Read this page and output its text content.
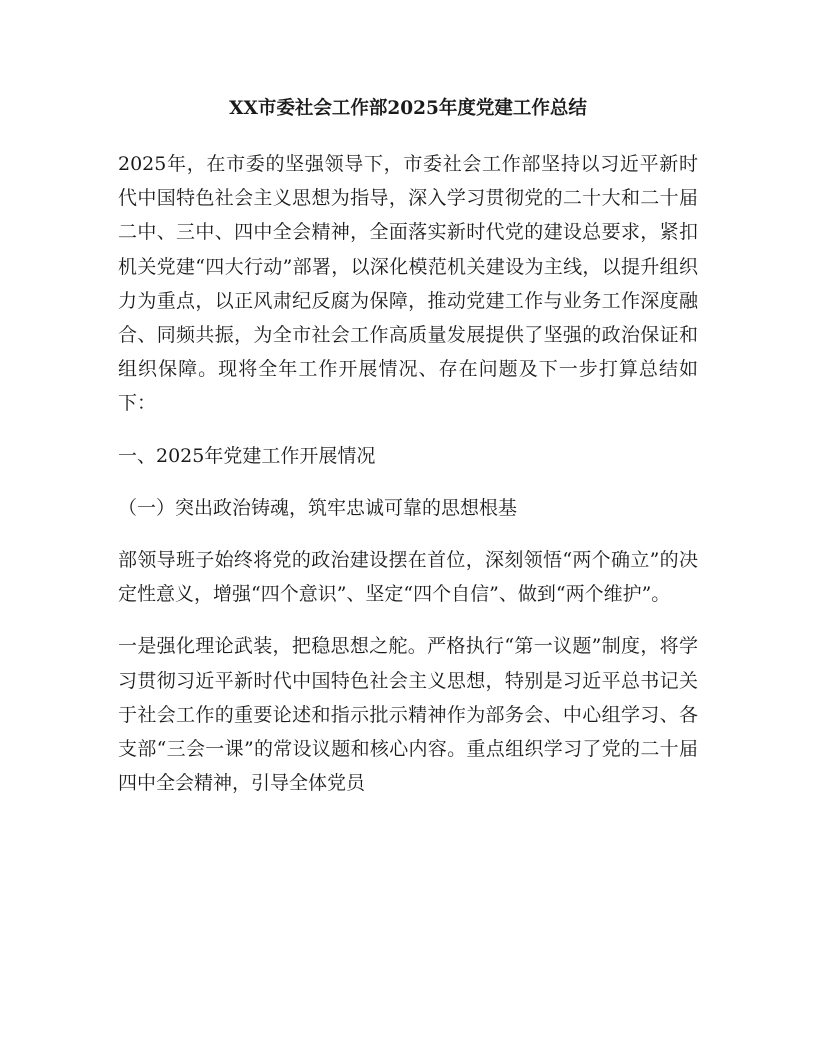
XX市委社会工作部2025年度党建工作总结

2025年，在市委的坚强领导下，市委社会工作部坚持以习近平新时代中国特色社会主义思想为指导，深入学习贯彻党的二十大和二十届二中、三中、四中全会精神，全面落实新时代党的建设总要求，紧扣机关党建“四大行动”部署，以深化模范机关建设为主线，以提升组织力为重点，以正风肃纪反腐为保障，推动党建工作与业务工作深度融合、同频共振，为全市社会工作高质量发展提供了坚强的政治保证和组织保障。现将全年工作开展情况、存在问题及下一步打算总结如下：

一、2025年党建工作开展情况

（一）突出政治铸魂，筑牢忠诚可靠的思想根基

部领导班子始终将党的政治建设摆在首位，深刻领悟“两个确立”的决定性意义，增强“四个意识”、坚定“四个自信”、做到“两个维护”。

一是强化理论武装，把稳思想之舵。严格执行“第一议题”制度，将学习贯彻习近平新时代中国特色社会主义思想，特别是习近平总书记关于社会工作的重要论述和指示批示精神作为部务会、中心组学习、各支部“三会一课”的常设议题和核心内容。重点组织学习了党的二十届四中全会精神，引导全体党员
